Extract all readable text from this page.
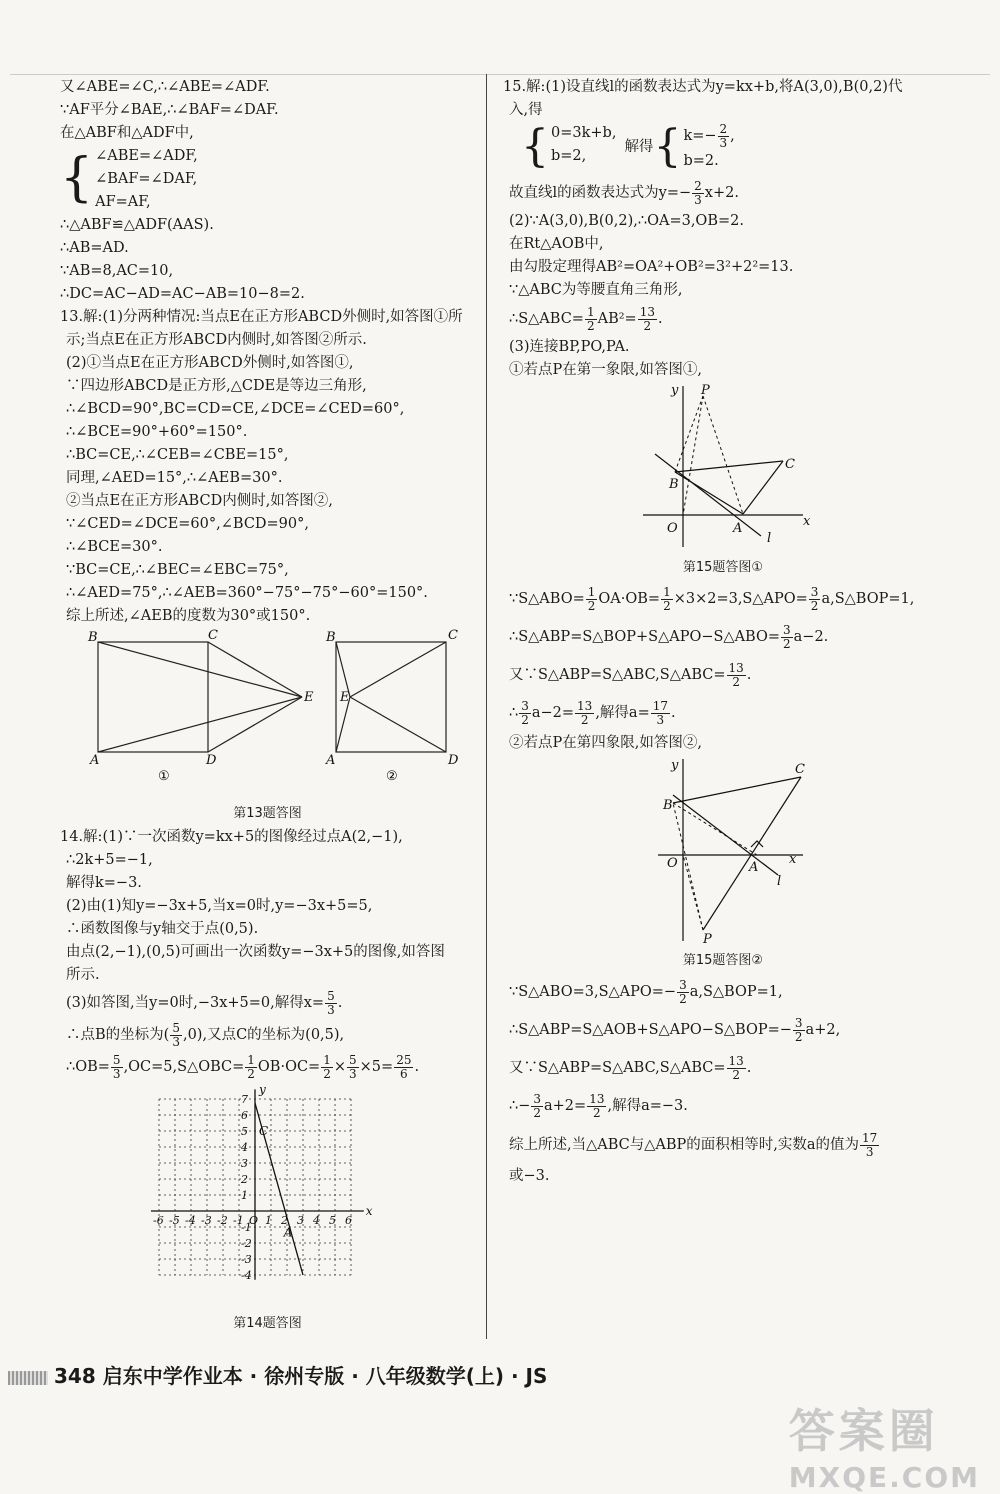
又∠ABE=∠C,∴∠ABE=∠ADF.
∵AF平分∠BAE,∴∠BAF=∠DAF.
在△ABF和△ADF中,
{ ∠ABE=∠ADF,
∠BAF=∠DAF,
AF=AF,
∴△ABF≌△ADF(AAS).
∴AB=AD.
∵AB=8,AC=10,
∴DC=AC−AD=AC−AB=10−8=2.
13.解:(1)分两种情况:当点E在正方形ABCD外侧时,如答图①所
示;当点E在正方形ABCD内侧时,如答图②所示.
(2)①当点E在正方形ABCD外侧时,如答图①,
∵四边形ABCD是正方形,△CDE是等边三角形,
∴∠BCD=90°,BC=CD=CE,∠DCE=∠CED=60°,
∴∠BCE=90°+60°=150°.
∴BC=CE,∴∠CEB=∠CBE=15°,
同理,∠AED=15°,∴∠AEB=30°.
②当点E在正方形ABCD内侧时,如答图②,
∵∠CED=∠DCE=60°,∠BCD=90°,
∴∠BCE=30°.
∵BC=CE,∴∠BEC=∠EBC=75°,
∴∠AED=75°,∴∠AEB=360°−75°−75°−60°=150°.
综上所述,∠AEB的度数为30°或150°.
B	C
E
A	D
B	C
E
A	D
①	②
第13题答图
14.解:(1)∵一次函数y=kx+5的图像经过点A(2,−1),
∴2k+5=−1,
解得k=−3.
(2)由(1)知y=−3x+5,当x=0时,y=−3x+5=5,
∴函数图像与y轴交于点(0,5).
由点(2,−1),(0,5)可画出一次函数y=−3x+5的图像,如答图
所示.
(3)如答图,当y=0时,−3x+5=0,解得$x= \frac{5}{3}$ .
∴点B的坐标为( $\frac{5}{3} ,0$),又点C的坐标为(0,5),
∴OB= $\frac{5}{3}$ ,OC=5,S△OBC= $\frac{1}{2} OB\cdot OC= \frac{1}{2} \times \frac{5}{3} \times 5= \frac{25}{6}$ .
-6 -5 -4 -3 -2 -1 O 1 2 3 4 5 6
7
6
5
4
3
2
1
-1
-2
-3
-4
x
y
C
A
第14题答图
15.解:(1)设直线l的函数表达式为y=kx+b,将A(3,0),B(0,2)代
入,得
{ 0=3k+b,
b=2,
解得 { $k=- \frac{2}{3}$ ,
b=2.
故直线l的函数表达式为$y=- \frac{2}{3} x+2$.
(2)∵A(3,0),B(0,2),∴OA=3,OB=2.
在Rt△AOB中,
由勾股定理得AB²=OA²+OB²=3²+2²=13.
∵△ABC为等腰直角三角形,
∴S△ABC= $\frac{1}{2} AB^2= \frac{13}{2}$ .
(3)连接BP,PO,PA.
①若点P在第一象限,如答图①,
y P
C
B
O	A
l
x
第15题答图①
∵S△ABO= $\frac{1}{2} OA\cdot OB= \frac{1}{2}$ ×3×2=3,S△APO= $\frac{3}{2}$ a,S△BOP=1,
∴S△ABP=S△BOP+S△APO−S△ABO= $\frac{3}{2} a-2$.
又∵S△ABP=S△ABC,S△ABC= $\frac{13}{2}$ .
∴ $\frac{3}{2} a-2= \frac{13}{2}$ ,解得$a= \frac{17}{3}$ .
②若点P在第四象限,如答图②,
y	C
B
O	A
x
l
P
第15题答图②
∵S△ABO=3,S△APO=− $\frac{3}{2}$ a,S△BOP=1,
∴S△ABP=S△AOB+S△APO−S△BOP=− $\frac{3}{2} a+2$,
又∵S△ABP=S△ABC,S△ABC= $\frac{13}{2}$ .
∴− $\frac{3}{2} a+2= \frac{13}{2}$ ,解得a=−3.
综上所述,当△ABC与△ABP的面积相等时,实数a的值为 $\frac{17}{3}$
或−3.
348 启东中学作业本 · 徐州专版 · 八年级数学(上) · JS
答案圈
MXQE.COM
